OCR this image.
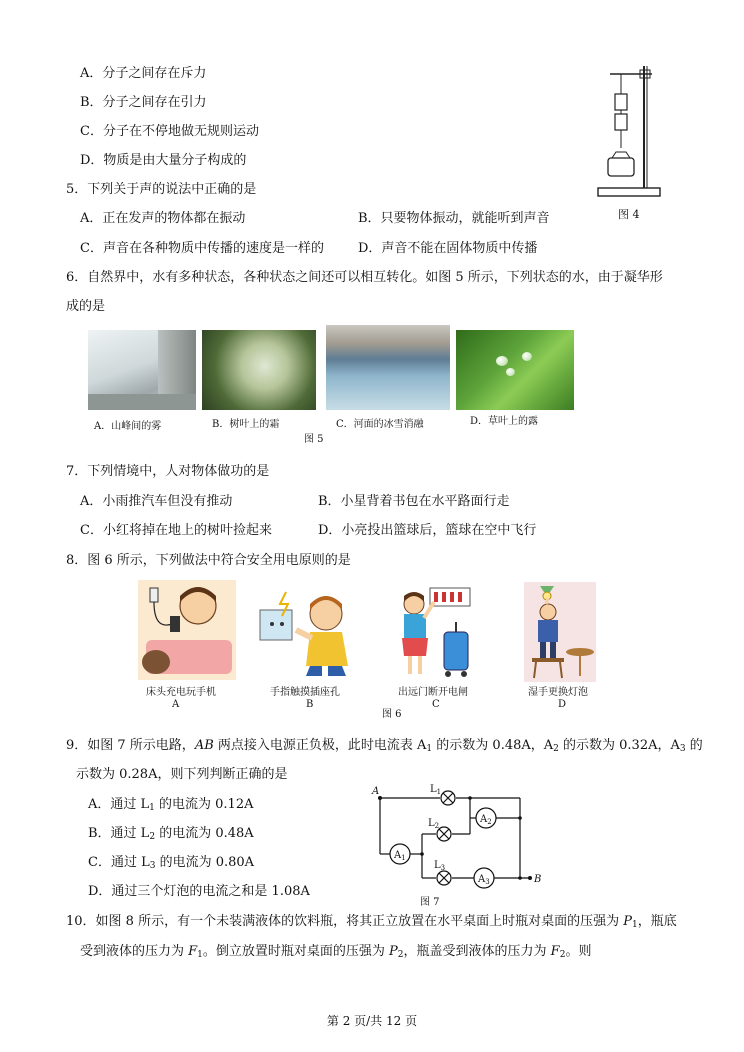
A．分子之间存在斥力
B．分子之间存在引力
C．分子在不停地做无规则运动
D．物质是由大量分子构成的
图 4
5．下列关于声的说法中正确的是
A．正在发声的物体都在振动	B．只要物体振动，就能听到声音
C．声音在各种物质中传播的速度是一样的	D．声音不能在固体物质中传播
6．自然界中，水有多种状态，各种状态之间还可以相互转化。如图 5 所示，下列状态的水，由于凝华形
成的是
A．山峰间的雾	B．树叶上的霜	C．河面的冰雪消融	D．草叶上的露
图 5
7．下列情境中，人对物体做功的是
A．小雨推汽车但没有推动	B．小星背着书包在水平路面行走
C．小红将掉在地上的树叶捡起来	D．小亮投出篮球后，篮球在空中飞行
8．图 6 所示，下列做法中符合安全用电原则的是
床头充电玩手机	手指触摸插座孔	出远门断开电闸	湿手更换灯泡
A	B	C	D
图 6
9．如图 7 所示电路，AB 两点接入电源正负极，此时电流表 $A_1$ 的示数为 0.48A，$A_2$ 的示数为 0.32A，$A_3$ 的
示数为 0.28A，则下列判断正确的是
A．通过 $L_1$ 的电流为 0.12A
B．通过 $L_2$ 的电流为 0.48A
C．通过 $L_3$ 的电流为 0.80A
D．通过三个灯泡的电流之和是 1.08A
A
B
$L_1$
$L_2$
$L_3$
$A_1$
$A_2$
$A_3$
图 7
10．如图 8 所示，有一个未装满液体的饮料瓶，将其正立放置在水平桌面上时瓶对桌面的压强为 $P_1$，瓶底
受到液体的压力为 $F_1$。倒立放置时瓶对桌面的压强为 $P_2$，瓶盖受到液体的压力为 $F_2$。则
第 2 页/共 12 页
